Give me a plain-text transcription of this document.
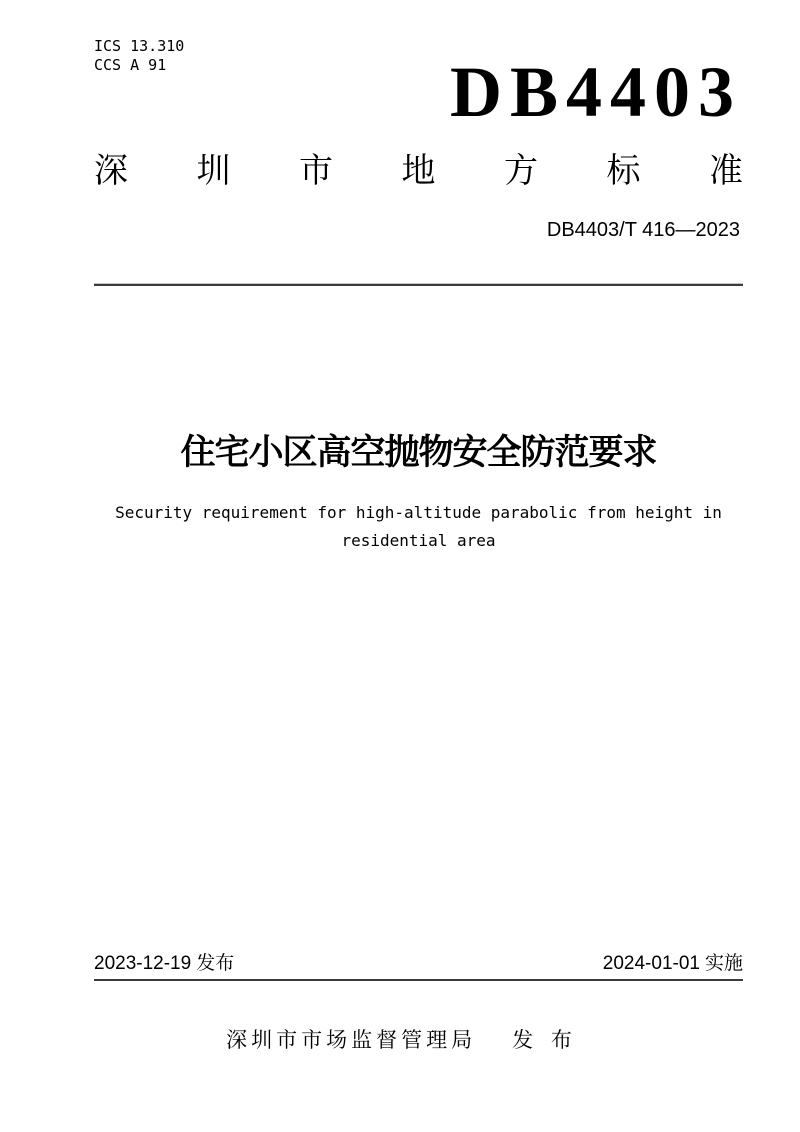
ICS 13.310
CCS A 91	DB4403
深圳市地方标准
DB4403/T 416—2023
住宅小区高空抛物安全防范要求
Security requirement for high-altitude parabolic from height in
residential area
2023-12-19 发布	2024-01-01 实施
深圳市市场监督管理局 发 布
